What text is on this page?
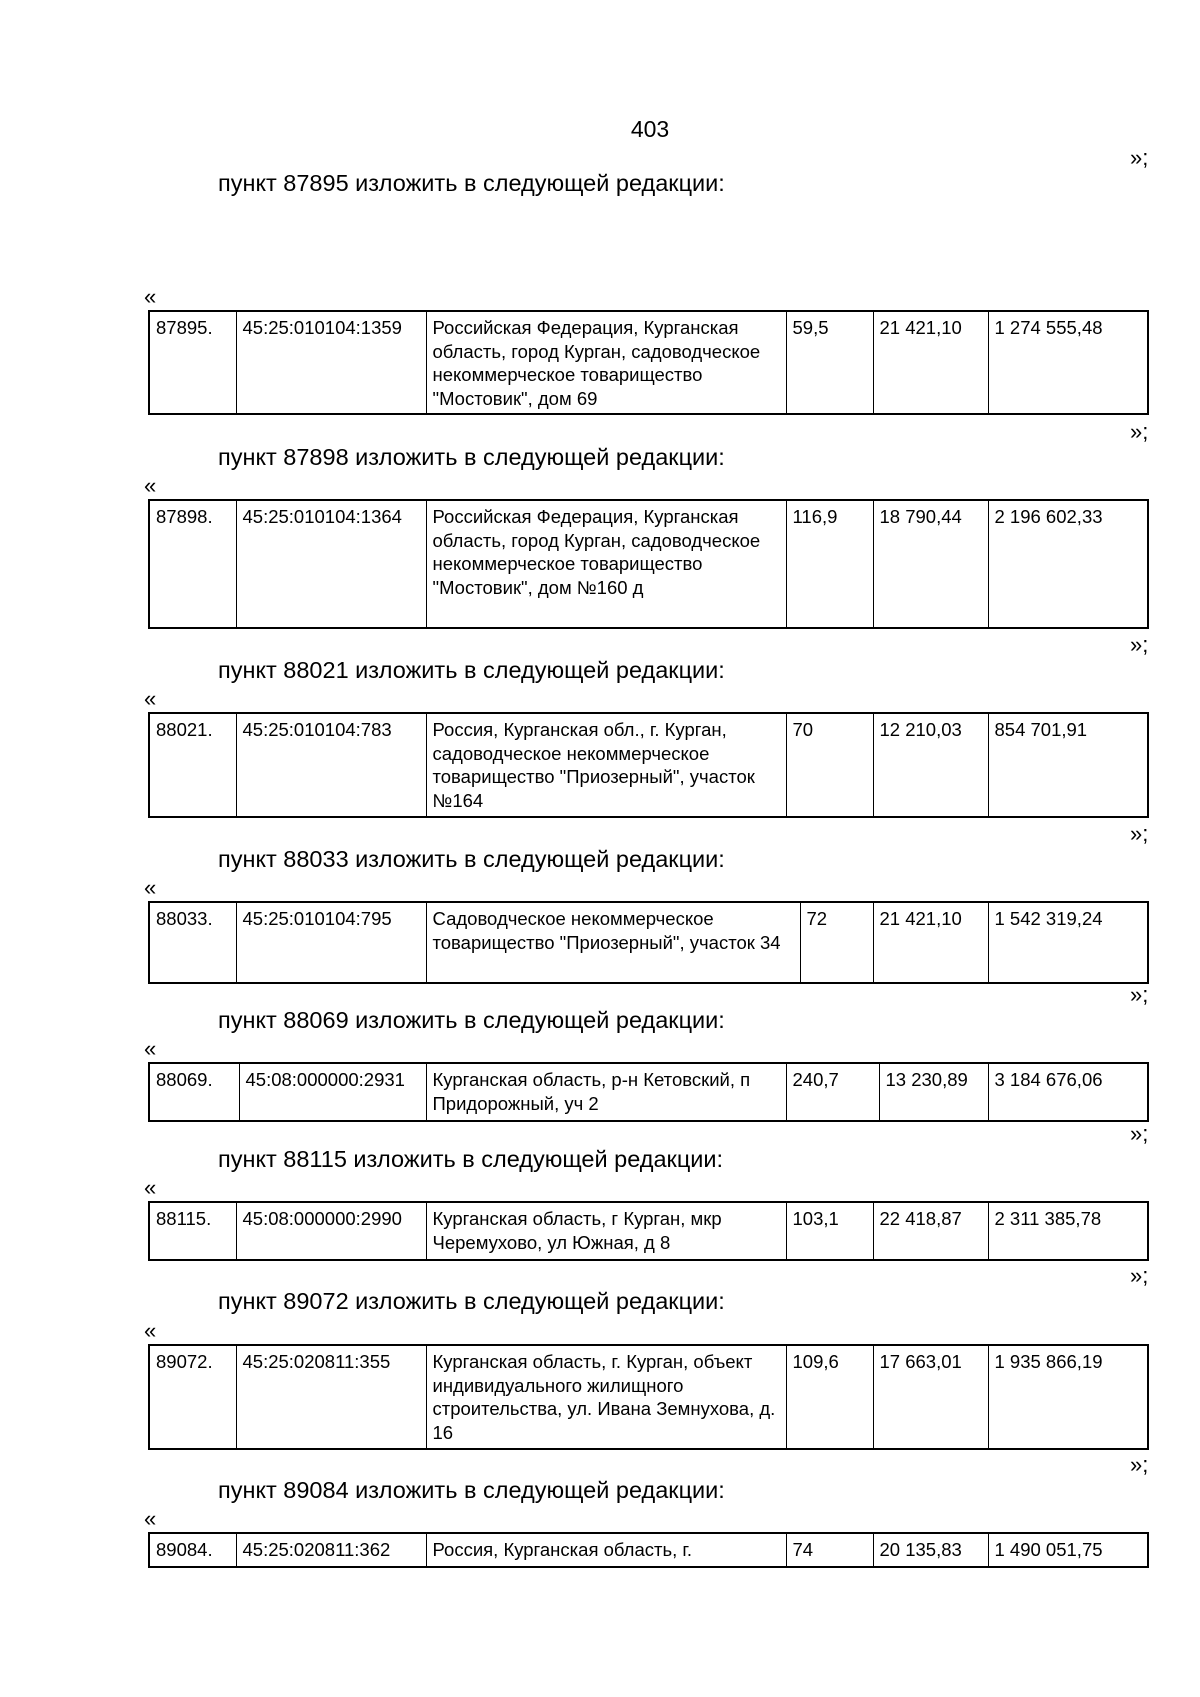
403
»;
пункт 87895 изложить в следующей редакции:
«
87895.	45:25:010104:1359	Российская Федерация, Курганская область, город Курган, садоводческое некоммерческое товарищество "Мостовик", дом 69	59,5	21 421,10	1 274 555,48
»;
пункт 87898 изложить в следующей редакции:
«
87898.	45:25:010104:1364	Российская Федерация, Курганская область, город Курган, садоводческое некоммерческое товарищество "Мостовик", дом №160 д	116,9	18 790,44	2 196 602,33
»;
пункт 88021 изложить в следующей редакции:
«
88021.	45:25:010104:783	Россия, Курганская обл., г. Курган, садоводческое некоммерческое товарищество "Приозерный", участок №164	70	12 210,03	854 701,91
»;
пункт 88033 изложить в следующей редакции:
«
88033.	45:25:010104:795	Садоводческое некоммерческое товарищество "Приозерный", участок 34	72	21 421,10	1 542 319,24
»;
пункт 88069 изложить в следующей редакции:
«
88069.	45:08:000000:2931	Курганская область, р-н Кетовский, п Придорожный, уч 2	240,7	13 230,89	3 184 676,06
»;
пункт 88115 изложить в следующей редакции:
«
88115.	45:08:000000:2990	Курганская область, г Курган, мкр Черемухово, ул Южная, д 8	103,1	22 418,87	2 311 385,78
»;
пункт 89072 изложить в следующей редакции:
«
89072.	45:25:020811:355	Курганская область, г. Курган, объект индивидуального жилищного строительства, ул. Ивана Земнухова, д. 16	109,6	17 663,01	1 935 866,19
»;
пункт 89084 изложить в следующей редакции:
«
89084.	45:25:020811:362	Россия, Курганская область, г.	74	20 135,83	1 490 051,75
